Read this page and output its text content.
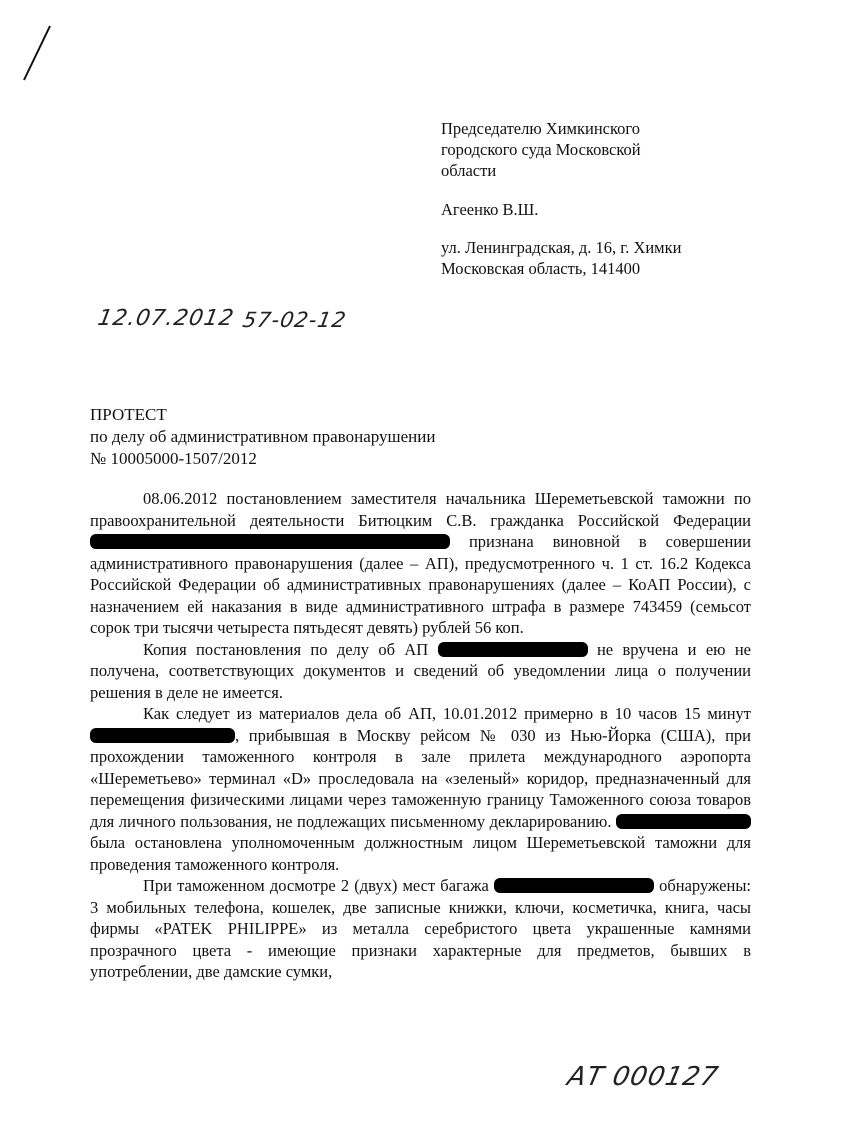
Председателю Химкинского
городского суда Московской
области
Агеенко В.Ш.
ул. Ленинградская, д. 16, г. Химки
Московская область, 141400
12.07.2012 57-02-12
ПРОТЕСТ
по делу об административном правонарушении
№ 10005000-1507/2012

08.06.2012 постановлением заместителя начальника Шереметьевской таможни по правоохранительной деятельности Битюцким С.В. гражданка Российской Федерации  признана виновной в совершении административного правонарушения (далее – АП), предусмотренного ч. 1 ст. 16.2 Кодекса Российской Федерации об административных правонарушениях (далее – КоАП России), с назначением ей наказания в виде административного штрафа в размере 743459 (семьсот сорок три тысячи четыреста пятьдесят девять) рублей 56 коп.

Копия постановления по делу об АП	не вручена и ею не получена, соответствующих документов и сведений об уведомлении лица о получении решения в деле не имеется.

Как следует из материалов дела об АП, 10.01.2012 примерно в 10 часов 15 минут, прибывшая в Москву рейсом № 030 из Нью-Йорка (США), при прохождении таможенного контроля в зале прилета международного аэропорта «Шереметьево» терминал «D» проследовала на «зеленый» коридор, предназначенный для перемещения физическими лицами через таможенную границу Таможенного союза товаров для личного пользования, не подлежащих письменному декларированию.  была остановлена уполномоченным должностным лицом Шереметьевской таможни для проведения таможенного контроля.

При таможенном досмотре 2 (двух) мест багажа	обнаружены: 3 мобильных телефона, кошелек, две записные книжки, ключи, косметичка, книга, часы фирмы «PATEK PHILIPPE» из металла серебристого цвета украшенные камнями прозрачного цвета - имеющие признаки характерные для предметов, бывших в употреблении, две дамские сумки,

АТ 000127
